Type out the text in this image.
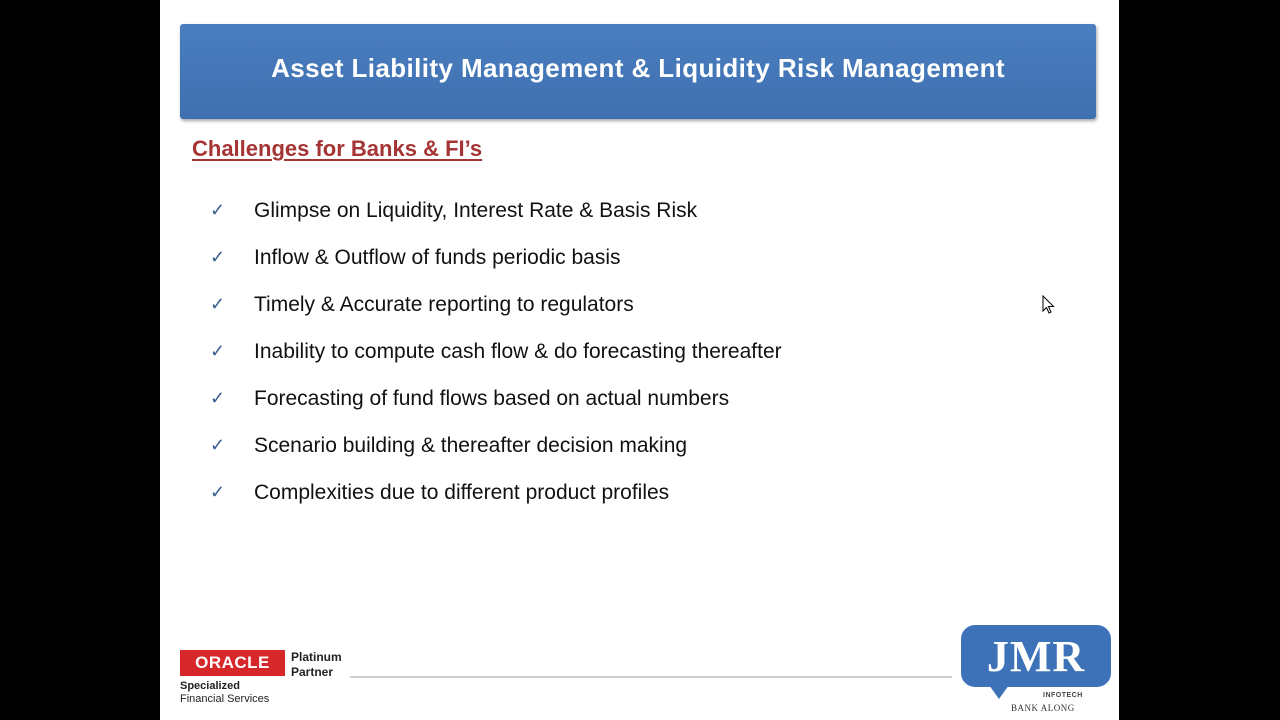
Asset Liability Management & Liquidity Risk Management
Challenges for Banks & FI’s
✓	Glimpse on Liquidity, Interest Rate & Basis Risk
✓	Inflow & Outflow of funds periodic basis
✓	Timely & Accurate reporting to regulators
✓	Inability to compute cash flow & do forecasting thereafter
✓	Forecasting of fund flows based on actual numbers
✓	Scenario building & thereafter decision making
✓	Complexities due to different product profiles
ORACLE	Platinum
Partner
Specialized
Financial Services
JMR
INFOTECH
BANK ALONG
